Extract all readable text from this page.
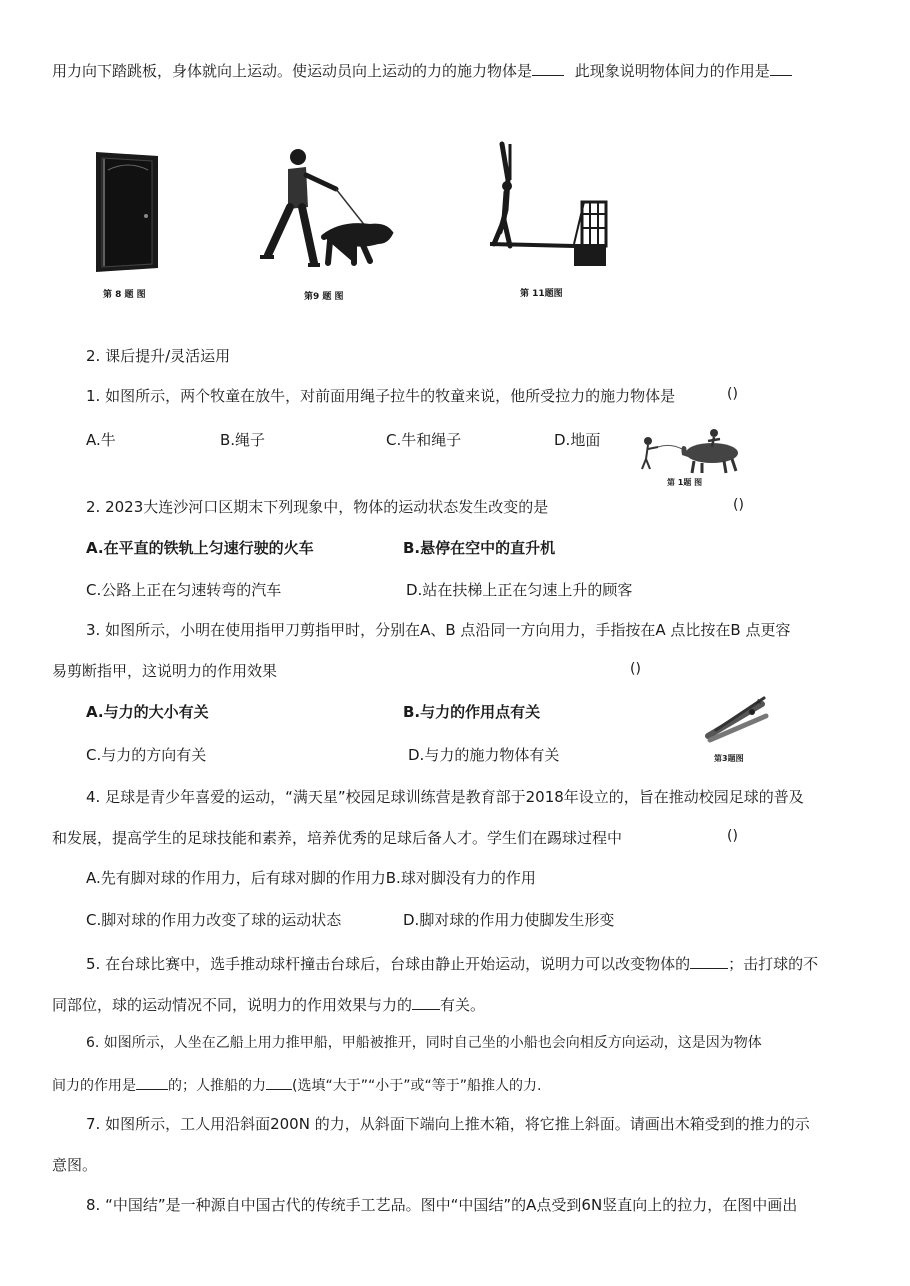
用力向下踏跳板，身体就向上运动。使运动员向上运动的力的施力物体是	此现象说明物体间力的作用是
第 8 题 图	第9 题 图	第 11题图
2. 课后提升/灵活运用
1. 如图所示，两个牧童在放牛，对前面用绳子拉牛的牧童来说，他所受拉力的施力物体是	()
A.牛	B.绳子	C.牛和绳子	D.地面
第 1题 图
2. 2023大连沙河口区期末下列现象中，物体的运动状态发生改变的是	()
A.在平直的铁轨上匀速行驶的火车	B.悬停在空中的直升机
C.公路上正在匀速转弯的汽车	D.站在扶梯上正在匀速上升的顾客
3. 如图所示，小明在使用指甲刀剪指甲时，分别在A、B 点沿同一方向用力，手指按在A 点比按在B 点更容
易剪断指甲，这说明力的作用效果	()
A.与力的大小有关	B.与力的作用点有关
C.与力的方向有关	D.与力的施力物体有关
A
第3题图
4. 足球是青少年喜爱的运动，“满天星”校园足球训练营是教育部于2018年设立的，旨在推动校园足球的普及
和发展，提高学生的足球技能和素养，培养优秀的足球后备人才。学生们在踢球过程中	()
A.先有脚对球的作用力，后有球对脚的作用力B.球对脚没有力的作用
C.脚对球的作用力改变了球的运动状态	D.脚对球的作用力使脚发生形变
5. 在台球比赛中，选手推动球杆撞击台球后，台球由静止开始运动，说明力可以改变物体的	；击打球的不
同部位，球的运动情况不同，说明力的作用效果与力的 有关。
6. 如图所示，人坐在乙船上用力推甲船，甲船被推开，同时自己坐的小船也会向相反方向运动，这是因为物体
间力的作用是 的；人推船的力 (选填“大于”“小于”或“等于”船推人的力.
7. 如图所示，工人用沿斜面200N 的力，从斜面下端向上推木箱，将它推上斜面。请画出木箱受到的推力的示
意图。
8. “中国结”是一种源自中国古代的传统手工艺品。图中“中国结”的A点受到6N竖直向上的拉力，在图中画出
